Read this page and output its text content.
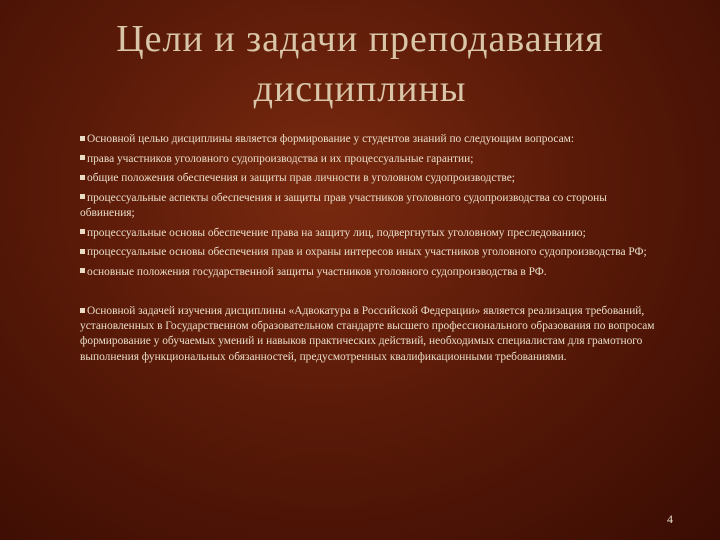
Цели и задачи преподавания
дисциплины
Основной целью дисциплины является формирование у студентов знаний по следующим вопросам:
права участников уголовного судопроизводства и их процессуальные гарантии;
общие положения обеспечения и защиты прав личности в уголовном судопроизводстве;
процессуальные аспекты обеспечения и защиты прав участников уголовного судопроизводства со стороны обвинения;
процессуальные основы обеспечение права на защиту лиц, подвергнутых уголовному преследованию;
процессуальные основы обеспечения прав и охраны интересов иных участников уголовного судопроизводства РФ;
основные положения государственной защиты участников уголовного судопроизводства в РФ.
Основной задачей изучения дисциплины «Адвокатура в Российской Федерации» является реализация требований, установленных в Государственном образовательном стандарте высшего профессионального образования по вопросам формирование у обучаемых умений и навыков практических действий, необходимых специалистам для грамотного выполнения функциональных обязанностей, предусмотренных квалификационными требованиями.
4
